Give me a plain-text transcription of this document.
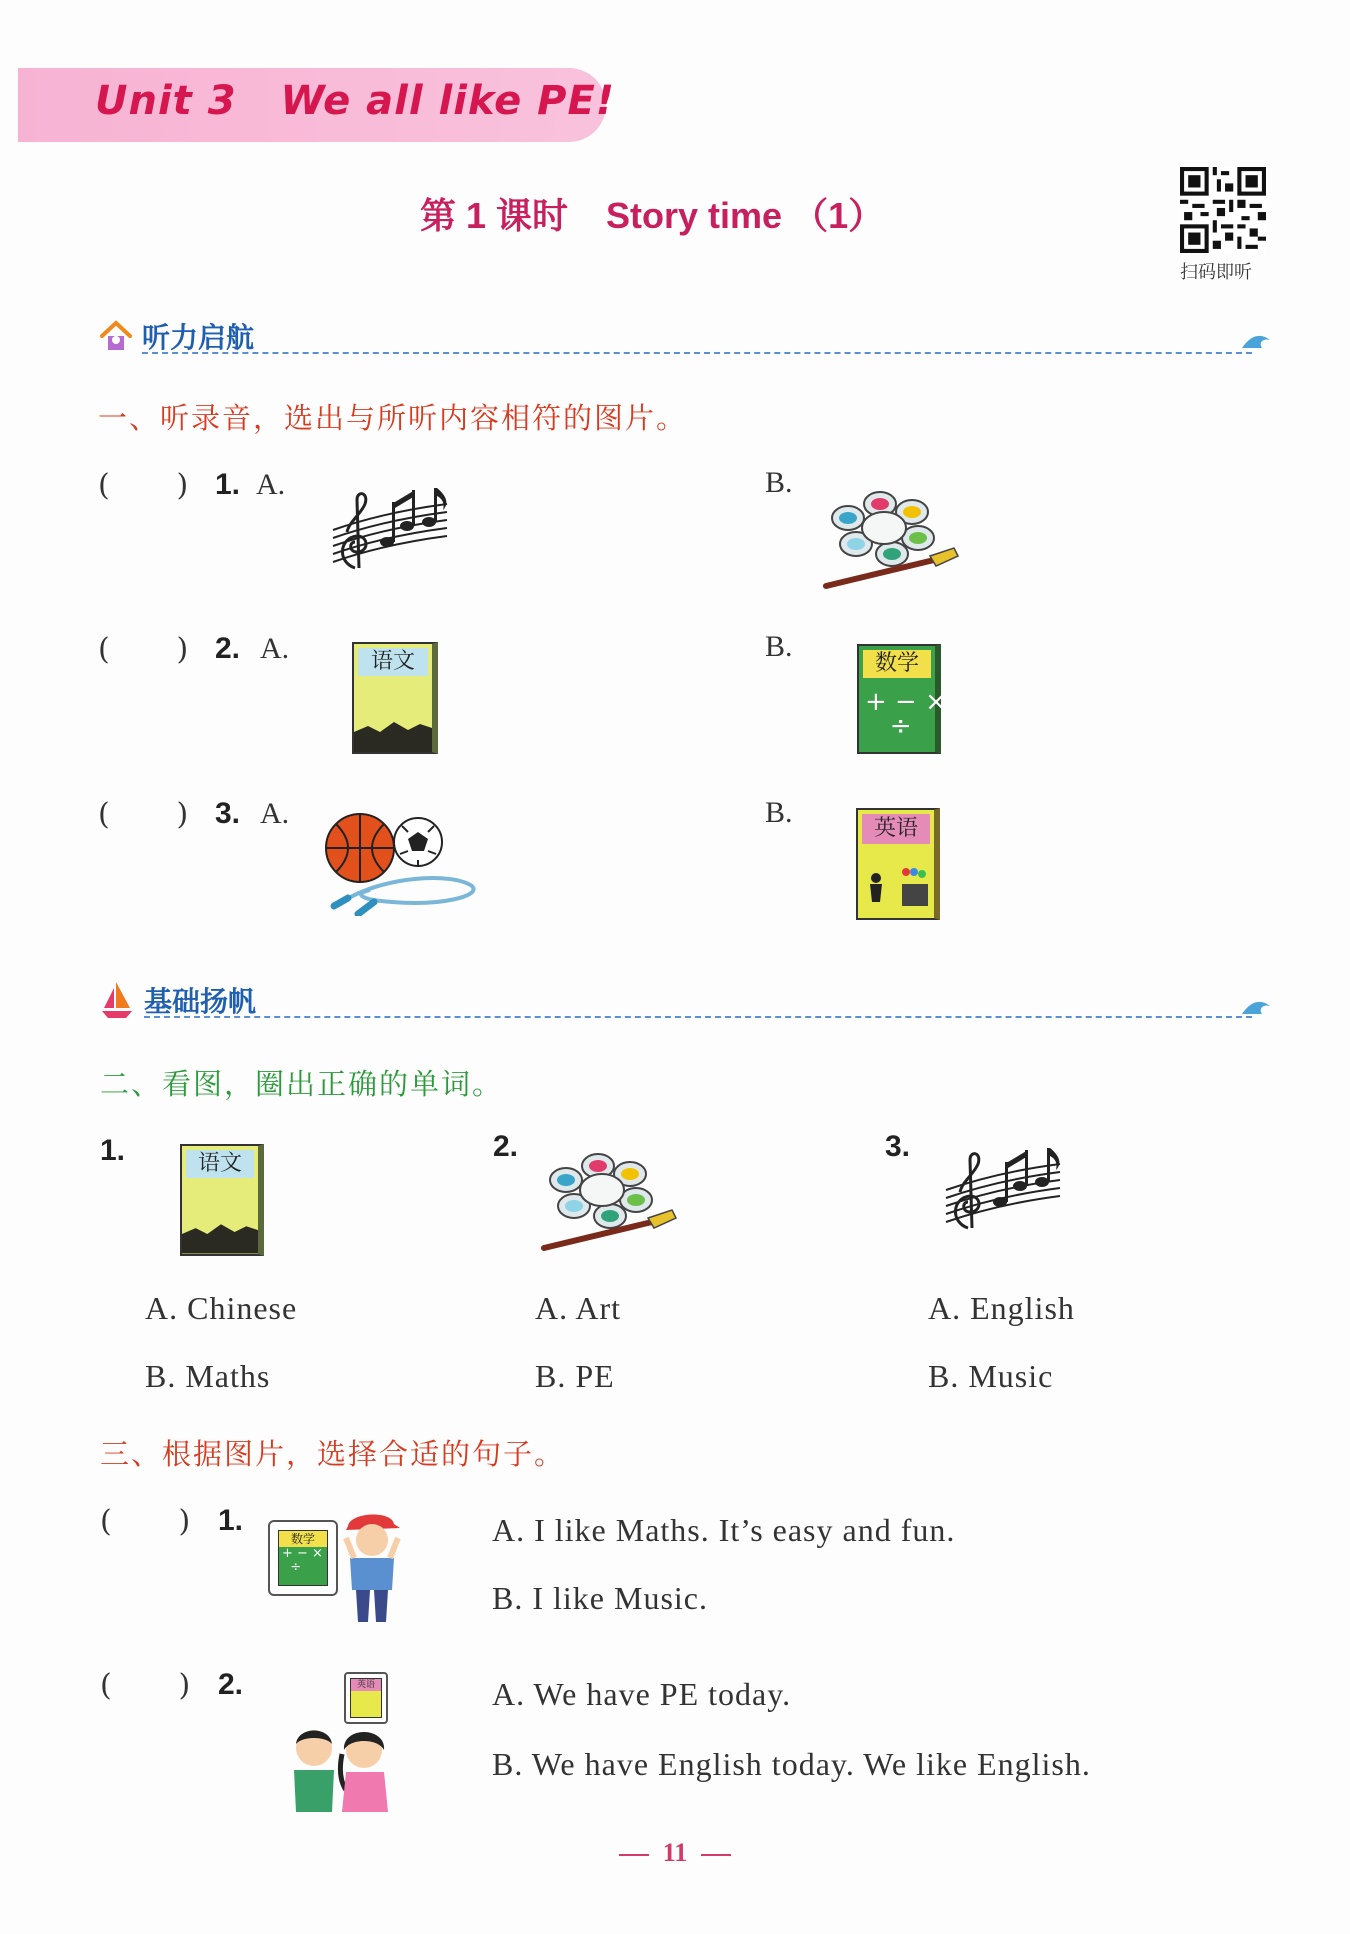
Unit 3 We all like PE!
第 1 课时 Story time （1）
扫码即听
听力启航
一、听录音，选出与所听内容相符的图片。
(       ) 1. A.	B.
(       ) 2. A.	语文	B.
数学
+ − ×
÷
(       ) 3. A.	B.	英语
基础扬帆
二、看图，圈出正确的单词。
1.	语文
A. Chinese
B. Maths
2.
A. Art
B. PE
3.
A. English
B. Music
三、根据图片，选择合适的句子。
(       ) 1.
数学
+ − ×
÷
A. I like Maths. It’s easy and fun.
B. I like Music.
(       ) 2.	英语	A. We have PE today.
B. We have English today. We like English.
11
